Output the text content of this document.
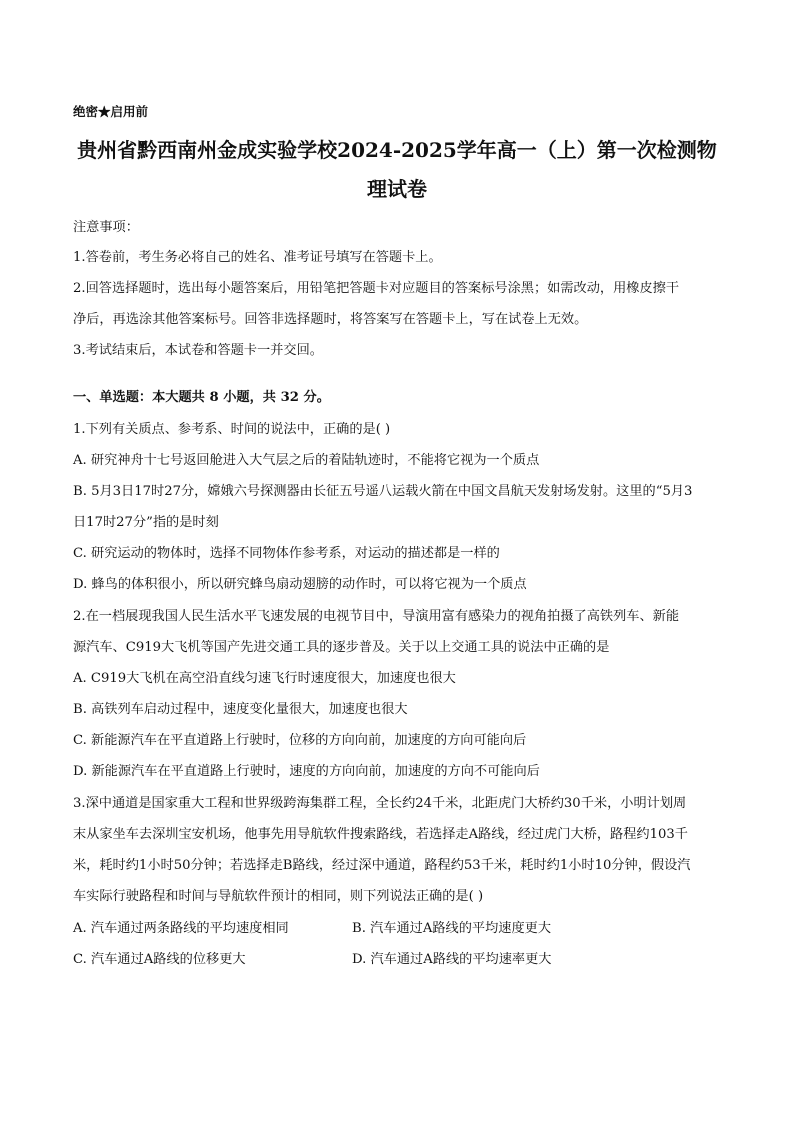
绝密★启用前
贵州省黔西南州金成实验学校2024-2025学年高一（上）第一次检测物
理试卷
注意事项：
1.答卷前，考生务必将自己的姓名、准考证号填写在答题卡上。
2.回答选择题时，选出每小题答案后，用铅笔把答题卡对应题目的答案标号涂黑；如需改动，用橡皮擦干
净后，再选涂其他答案标号。回答非选择题时，将答案写在答题卡上，写在试卷上无效。
3.考试结束后，本试卷和答题卡一并交回。
一、单选题：本大题共 8 小题，共 32 分。
1.下列有关质点、参考系、时间的说法中，正确的是( )
A. 研究神舟十七号返回舱进入大气层之后的着陆轨迹时，不能将它视为一个质点
B. 5月3日17时27分，嫦娥六号探测器由长征五号遥八运载火箭在中国文昌航天发射场发射。这里的“5月3
日17时27分”指的是时刻
C. 研究运动的物体时，选择不同物体作参考系，对运动的描述都是一样的
D. 蜂鸟的体积很小，所以研究蜂鸟扇动翅膀的动作时，可以将它视为一个质点
2.在一档展现我国人民生活水平飞速发展的电视节目中，导演用富有感染力的视角拍摄了高铁列车、新能
源汽车、C919大飞机等国产先进交通工具的逐步普及。关于以上交通工具的说法中正确的是
A. C919大飞机在高空沿直线匀速飞行时速度很大，加速度也很大
B. 高铁列车启动过程中，速度变化量很大，加速度也很大
C. 新能源汽车在平直道路上行驶时，位移的方向向前，加速度的方向可能向后
D. 新能源汽车在平直道路上行驶时，速度的方向向前，加速度的方向不可能向后
3.深中通道是国家重大工程和世界级跨海集群工程，全长约24千米，北距虎门大桥约30千米，小明计划周
末从家坐车去深圳宝安机场，他事先用导航软件搜索路线，若选择走A路线，经过虎门大桥，路程约103千
米，耗时约1小时50分钟；若选择走B路线，经过深中通道，路程约53千米，耗时约1小时10分钟，假设汽
车实际行驶路程和时间与导航软件预计的相同，则下列说法正确的是( )
A. 汽车通过两条路线的平均速度相同	B. 汽车通过A路线的平均速度更大
C. 汽车通过A路线的位移更大	D. 汽车通过A路线的平均速率更大
